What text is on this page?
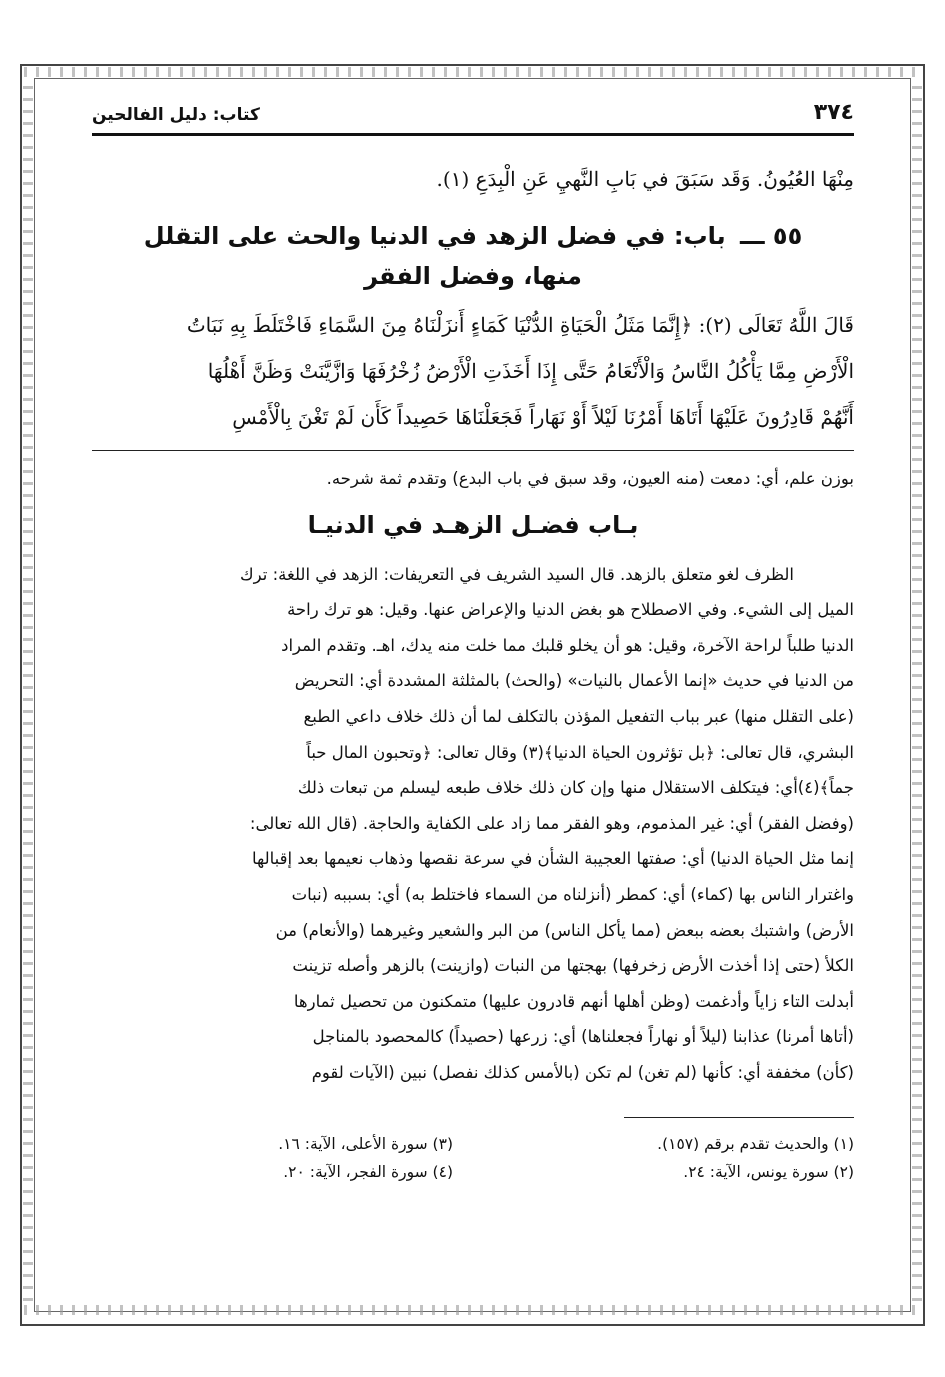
٣٧٤
كتاب: دليل الفالحين

مِنْهَا العُيُونُ. وَقَد سَبَقَ في بَابِ النَّهيِ عَنِ الْبِدَعِ (١).

٥٥ ـــ باب: في فضل الزهد في الدنيا والحث على التقلل
منها، وفضل الفقر

قَالَ اللَّهُ تَعَالَى (٢): ﴿إِنَّمَا مَثَلُ الْحَيَاةِ الدُّنْيَا كَمَاءٍ أَنزَلْنَاهُ مِنَ السَّمَاءِ فَاخْتَلَطَ بِهِ نَبَاتُ

الْأَرْضِ مِمَّا يَأْكُلُ النَّاسُ وَالْأَنْعَامُ حَتَّى إِذَا أَخَذَتِ الْأَرْضُ زُخْرُفَهَا وَازَّيَّنَتْ وَظَنَّ أَهْلُهَا

أَنَّهُمْ قَادِرُونَ عَلَيْهَا أَتَاهَا أَمْرُنَا لَيْلاً أَوْ نَهَاراً فَجَعَلْنَاهَا حَصِيداً كَأَن لَمْ تَغْنَ بِالْأَمْسِ

بوزن علم، أي: دمعت (منه العيون، وقد سبق في باب البدع) وتقدم ثمة شرحه.

بـاب فضـل الزهـد في الدنيـا

الظرف لغو متعلق بالزهد. قال السيد الشريف في التعريفات: الزهد في اللغة: ترك

الميل إلى الشيء. وفي الاصطلاح هو بغض الدنيا والإعراض عنها. وقيل: هو ترك راحة

الدنيا طلباً لراحة الآخرة، وقيل: هو أن يخلو قلبك مما خلت منه يدك، اهـ. وتقدم المراد

من الدنيا في حديث «إنما الأعمال بالنيات» (والحث) بالمثلثة المشددة أي: التحريض

(على التقلل منها) عبر بباب التفعيل المؤذن بالتكلف لما أن ذلك خلاف داعي الطبع

البشري، قال تعالى: ﴿بل تؤثرون الحياة الدنيا﴾(٣) وقال تعالى: ﴿وتحبون المال حباً

جماً﴾(٤)أي: فيتكلف الاستقلال منها وإن كان ذلك خلاف طبعه ليسلم من تبعات ذلك

(وفضل الفقر) أي: غير المذموم، وهو الفقر مما زاد على الكفاية والحاجة. (قال الله تعالى:

إنما مثل الحياة الدنيا) أي: صفتها العجيبة الشأن في سرعة نقصها وذهاب نعيمها بعد إقبالها

واغترار الناس بها (كماء) أي: كمطر (أنزلناه من السماء فاختلط به) أي: بسببه (نبات

الأرض) واشتبك بعضه ببعض (مما يأكل الناس) من البر والشعير وغيرهما (والأنعام) من

الكلأ (حتى إذا أخذت الأرض زخرفها) بهجتها من النبات (وازينت) بالزهر وأصله تزينت

أبدلت التاء زاياً وأدغمت (وظن أهلها أنهم قادرون عليها) متمكنون من تحصيل ثمارها

(أتاها أمرنا) عذابنا (ليلاً أو نهاراً فجعلناها) أي: زرعها (حصيداً) كالمحصود بالمناجل

(كأن) مخففة أي: كأنها (لم تغن) لم تكن (بالأمس كذلك نفصل) نبين (الآيات لقوم

(١) والحديث تقدم برقم (١٥٧).
(٣) سورة الأعلى، الآية: ١٦.
(٢) سورة يونس، الآية: ٢٤.
(٤) سورة الفجر، الآية: ٢٠.
